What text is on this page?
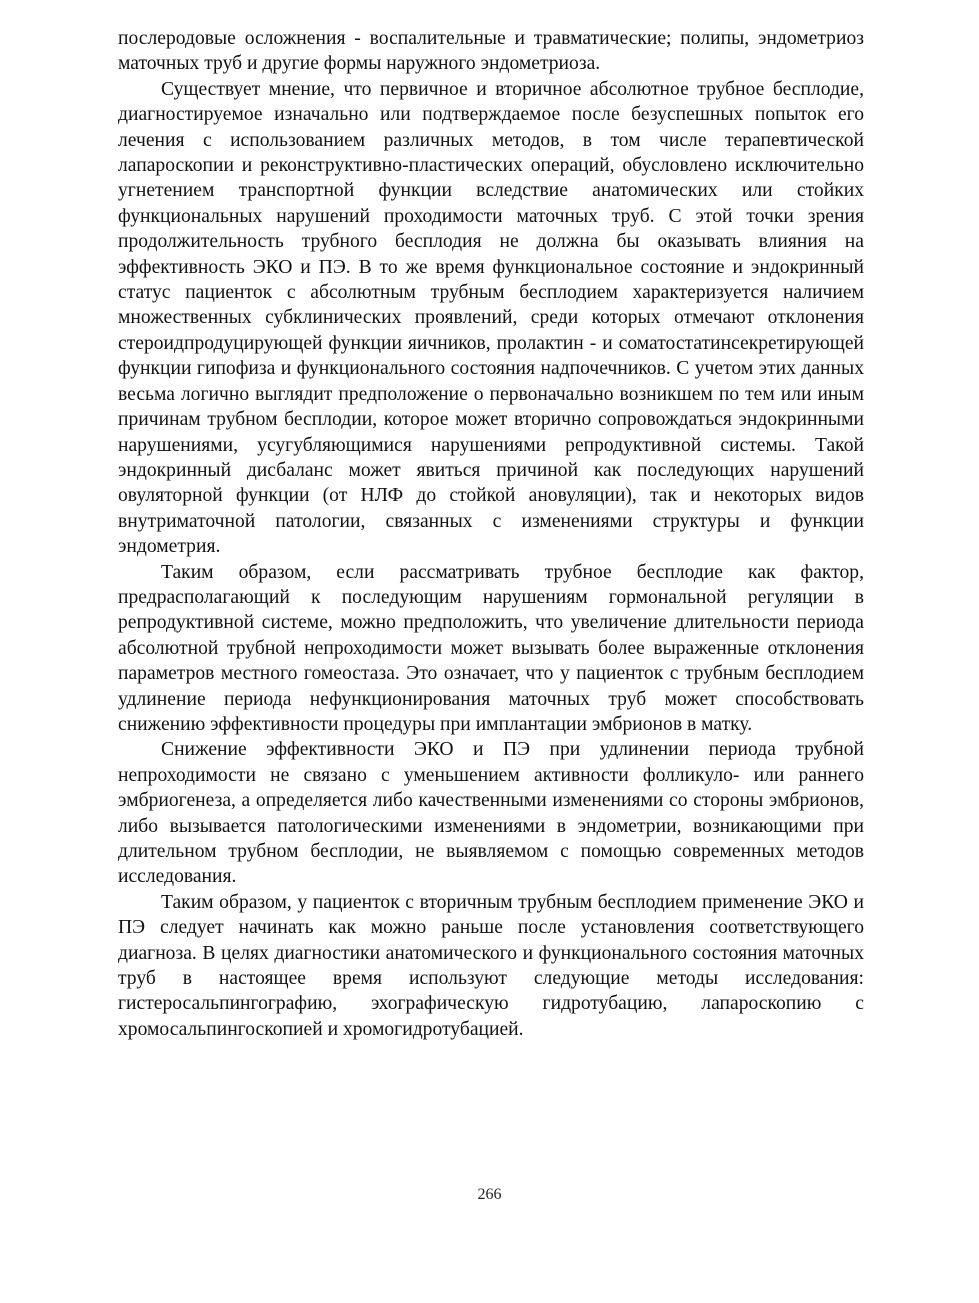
послеродовые осложнения - воспалительные и травматические; полипы, эндометриоз маточных труб и другие формы наружного эндометриоза.

Существует мнение, что первичное и вторичное абсолютное трубное бесплодие, диагностируемое изначально или подтверждаемое после безуспешных попыток его лечения с использованием различных методов, в том числе терапевтической лапароскопии и реконструктивно-пластических операций, обусловлено исключительно угнетением транспортной функции вследствие анатомических или стойких функциональных нарушений проходимости маточных труб. С этой точки зрения продолжительность трубного бесплодия не должна бы оказывать влияния на эффективность ЭКО и ПЭ. В то же время функциональное состояние и эндокринный статус пациенток с абсолютным трубным бесплодием характеризуется наличием множественных субклинических проявлений, среди которых отмечают отклонения стероидпродуцирующей функции яичников, пролактин - и соматостатинсекретирующей функции гипофиза и функционального состояния надпочечников. С учетом этих данных весьма логично выглядит предположение о первоначально возникшем по тем или иным причинам трубном бесплодии, которое может вторично сопровождаться эндокринными нарушениями, усугубляющимися нарушениями репродуктивной системы. Такой эндокринный дисбаланс может явиться причиной как последующих нарушений овуляторной функции (от НЛФ до стойкой ановуляции), так и некоторых видов внутриматочной патологии, связанных с изменениями структуры и функции эндометрия.

Таким образом, если рассматривать трубное бесплодие как фактор, предрасполагающий к последующим нарушениям гормональной регуляции в репродуктивной системе, можно предположить, что увеличение длительности периода абсолютной трубной непроходимости может вызывать более выраженные отклонения параметров местного гомеостаза. Это означает, что у пациенток с трубным бесплодием удлинение периода нефункционирования маточных труб может способствовать снижению эффективности процедуры при имплантации эмбрионов в матку.

Снижение эффективности ЭКО и ПЭ при удлинении периода трубной непроходимости не связано с уменьшением активности фолликуло- или раннего эмбриогенеза, а определяется либо качественными изменениями со стороны эмбрионов, либо вызывается патологическими изменениями в эндометрии, возникающими при длительном трубном бесплодии, не выявляемом с помощью современных методов исследования.

Таким образом, у пациенток с вторичным трубным бесплодием применение ЭКО и ПЭ следует начинать как можно раньше после установления соответствующего диагноза. В целях диагностики анатомического и функционального состояния маточных труб в настоящее время используют следующие методы исследования: гистеросальпингографию, эхографическую гидротубацию, лапароскопию с хромосальпингоскопией и хромогидротубацией.

266
